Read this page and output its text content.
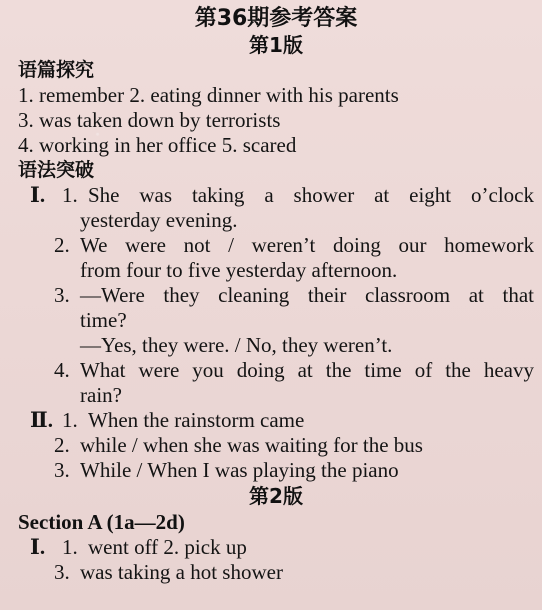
第36期参考答案

第1版

语篇探究

1. remember 2. eating dinner with his parents

3. was taken down by terrorists

4. working in her office 5. scared

语法突破

Ⅰ. 1. She was taking a shower at eight o’clock
yesterday evening.
2. We were not / weren’t doing our homework
from four to five yesterday afternoon.
3. —Were they cleaning their classroom at that
time?
—Yes, they were. / No, they weren’t.
4. What were you doing at the time of the heavy
rain?
Ⅱ. 1. When the rainstorm came
2. while / when she was waiting for the bus
3. While / When I was playing the piano

第2版

Section A (1a—2d)

Ⅰ. 1. went off 2. pick up
3. was taking a hot shower
